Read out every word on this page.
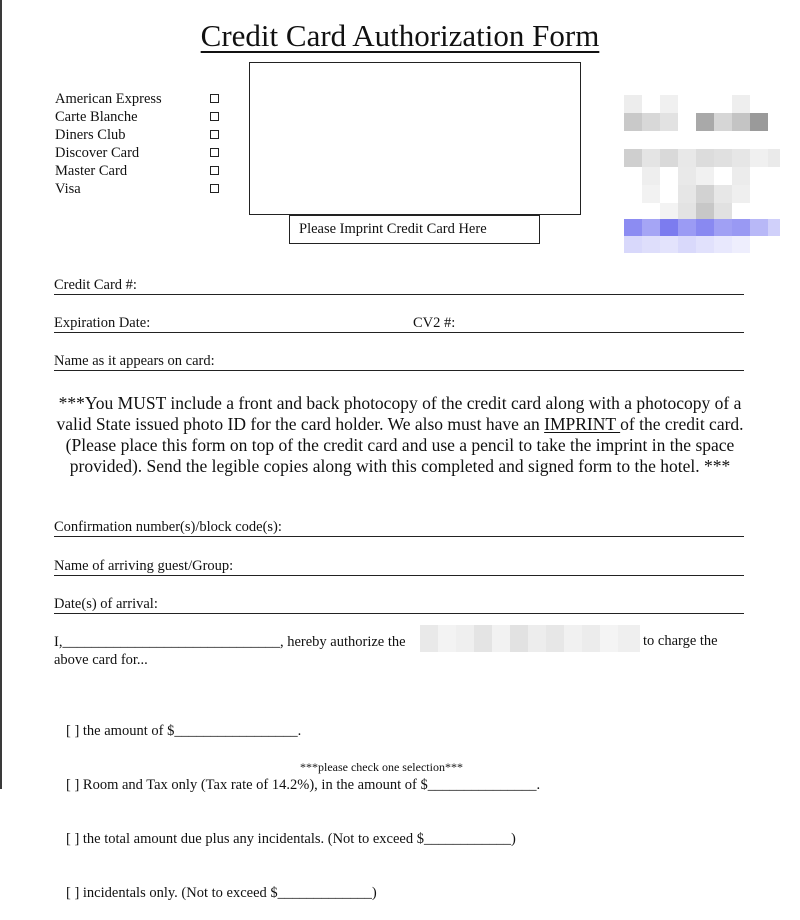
Credit Card Authorization Form
American Express
Carte Blanche
Diners Club
Discover Card
Master Card
Visa
Please Imprint Credit Card Here
Credit Card #:
Expiration Date:	CV2 #:
Name as it appears on card:
***You MUST include a front and back photocopy of the credit card along with a photocopy of a valid State issued photo ID for the card holder. We also must have an IMPRINT of the credit card. (Please place this form on top of the credit card and use a pencil to take the imprint in the space provided). Send the legible copies along with this completed and signed form to the hotel. ***
Confirmation number(s)/block code(s):
Name of arriving guest/Group:
Date(s) of arrival:
I,______________________________, hereby authorize the
above card for...
to charge the

[ ] the amount of $_________________.

[ ] Room and Tax only (Tax rate of 14.2%), in the amount of $_______________.

[ ] the total amount due plus any incidentals. (Not to exceed $____________)

[ ] incidentals only. (Not to exceed $_____________)

***please check one selection***
